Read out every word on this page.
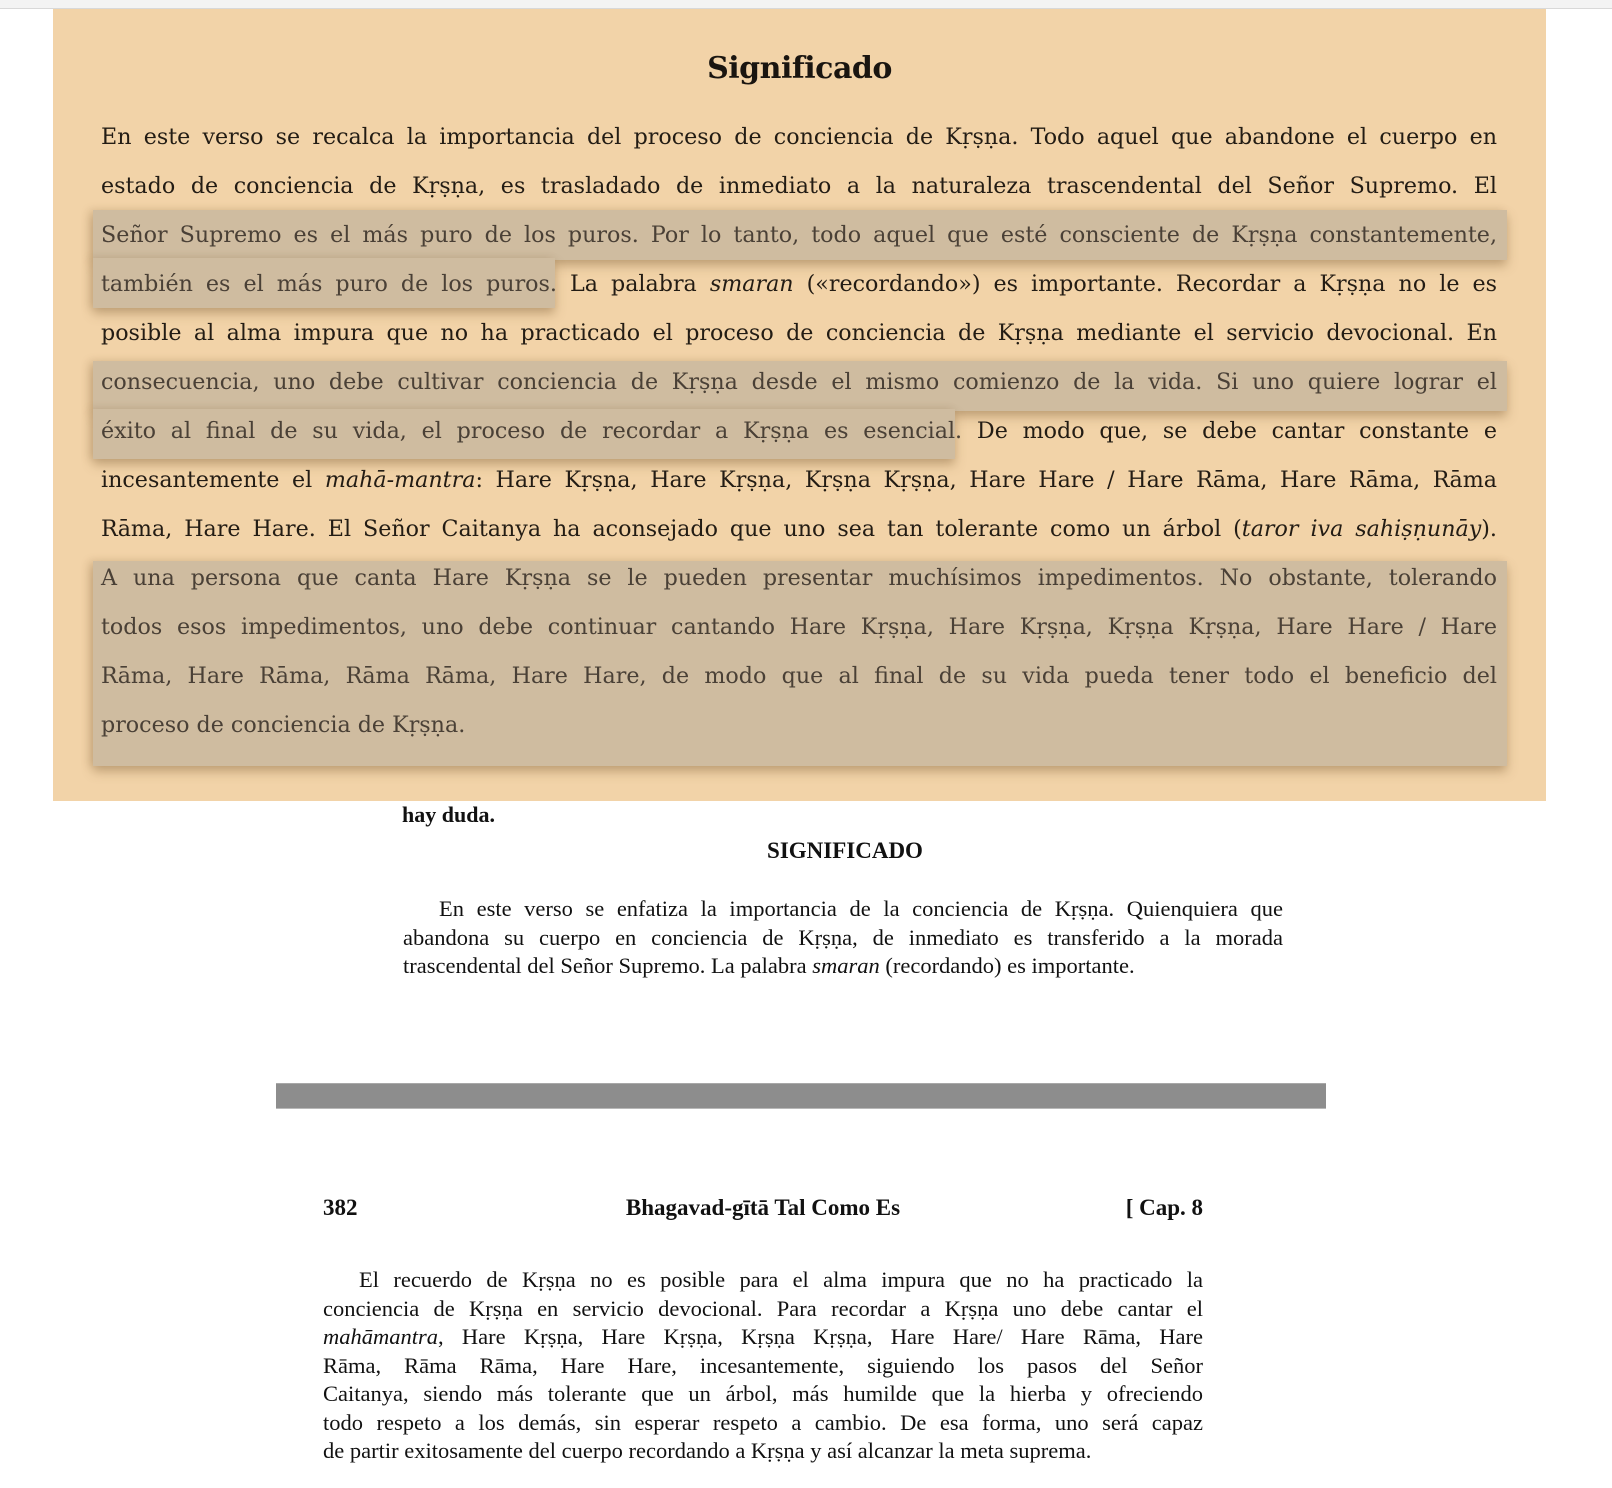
Significado
En este verso se recalca la importancia del proceso de conciencia de Kṛṣṇa. Todo aquel que abandone el cuerpo en
estado de conciencia de Kṛṣṇa, es trasladado de inmediato a la naturaleza trascendental del Señor Supremo. El
Señor Supremo es el más puro de los puros. Por lo tanto, todo aquel que esté consciente de Kṛṣṇa constantemente,
también es el más puro de los puros. La palabra smaran («recordando») es importante. Recordar a Kṛṣṇa no le es
posible al alma impura que no ha practicado el proceso de conciencia de Kṛṣṇa mediante el servicio devocional. En
consecuencia, uno debe cultivar conciencia de Kṛṣṇa desde el mismo comienzo de la vida. Si uno quiere lograr el
éxito al final de su vida, el proceso de recordar a Kṛṣṇa es esencial. De modo que, se debe cantar constante e
incesantemente el mahā-mantra: Hare Kṛṣṇa, Hare Kṛṣṇa, Kṛṣṇa Kṛṣṇa, Hare Hare / Hare Rāma, Hare Rāma, Rāma
Rāma, Hare Hare. El Señor Caitanya ha aconsejado que uno sea tan tolerante como un árbol (taror iva sahiṣṇunāy).
A una persona que canta Hare Kṛṣṇa se le pueden presentar muchísimos impedimentos. No obstante, tolerando
todos esos impedimentos, uno debe continuar cantando Hare Kṛṣṇa, Hare Kṛṣṇa, Kṛṣṇa Kṛṣṇa, Hare Hare / Hare
Rāma, Hare Rāma, Rāma Rāma, Hare Hare, de modo que al final de su vida pueda tener todo el beneficio del
proceso de conciencia de Kṛṣṇa.
hay duda.
SIGNIFICADO
En este verso se enfatiza la importancia de la conciencia de Kṛṣṇa. Quienquiera que
abandona su cuerpo en conciencia de Kṛṣṇa, de inmediato es transferido a la morada
trascendental del Señor Supremo. La palabra smaran (recordando) es importante.
382	Bhagavad-gītā Tal Como Es	[ Cap. 8
El recuerdo de Kṛṣṇa no es posible para el alma impura que no ha practicado la
conciencia de Kṛṣṇa en servicio devocional. Para recordar a Kṛṣṇa uno debe cantar el
mahāmantra, Hare Kṛṣṇa, Hare Kṛṣṇa, Kṛṣṇa Kṛṣṇa, Hare Hare/ Hare Rāma, Hare
Rāma, Rāma Rāma, Hare Hare, incesantemente, siguiendo los pasos del Señor
Caitanya, siendo más tolerante que un árbol, más humilde que la hierba y ofreciendo
todo respeto a los demás, sin esperar respeto a cambio. De esa forma, uno será capaz
de partir exitosamente del cuerpo recordando a Kṛṣṇa y así alcanzar la meta suprema.
